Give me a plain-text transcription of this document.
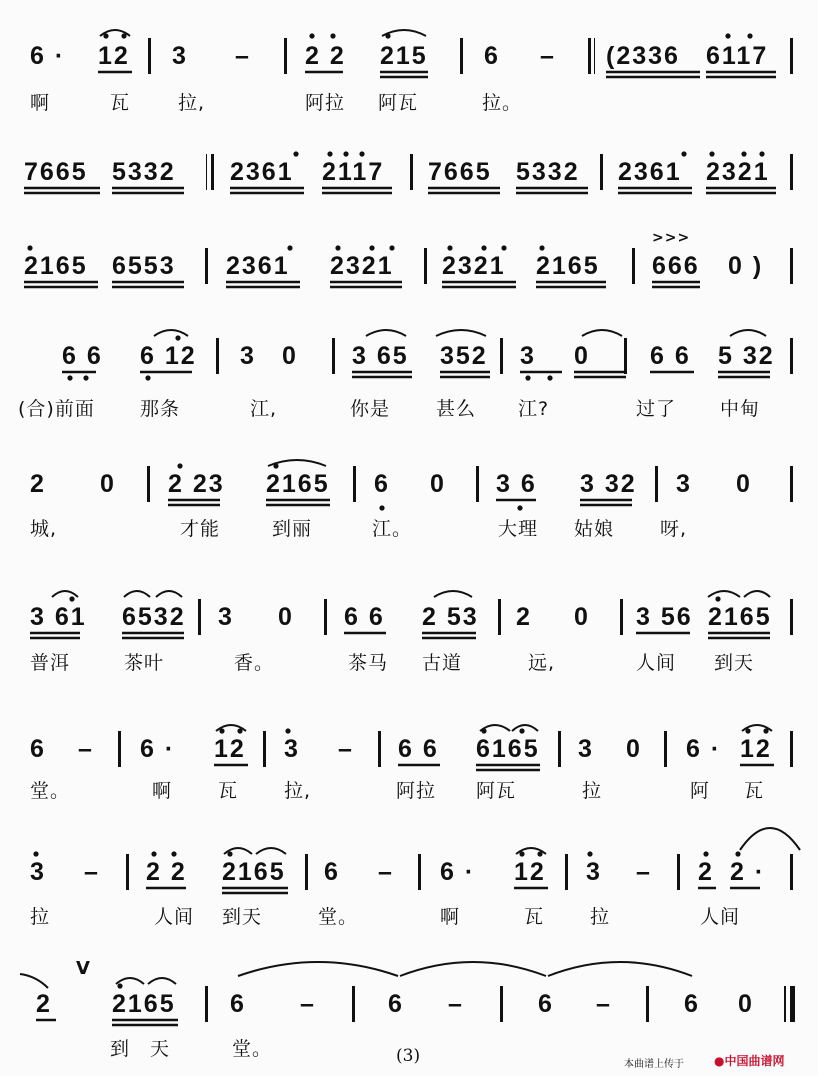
6 · 12 3 – 2 2 215 6 – (2336 6117
啊	瓦	拉,	阿拉 阿瓦	拉。
7665 5332 2361 2117 7665 5332 2361 2321
2165 6553 2361 2321 2321 2165
>>>
666 0 )
6 6 6 12 3 0 3 65 352 3 0 6 6 5 32
(合)前面 那条	江,	你是 甚么 江?	过了 中甸
2 0 2 23 2165 6 0 3 6 3 32 3 0
城,	才能	到丽	江。	大理 姑娘 呀,
3 61 6532 3 0 6 6 2 53 2 0 3 56 2165
普洱	茶叶	香。	茶马 古道	远,	人间 到天
6 – 6 · 12 3 – 6 6 6165 3 0 6 · 12
堂。	啊 瓦 拉,	阿拉 阿瓦	拉	阿 瓦
3 – 2 2 2165 6 – 6 · 12 3 – 2 2 ·
拉	人间 到天	堂。	啊	瓦 拉	人间
V
2 2165 6 –	6 –	6 –	6 0
到 天	堂。	(3)	本曲谱上传于	●中国曲谱网
